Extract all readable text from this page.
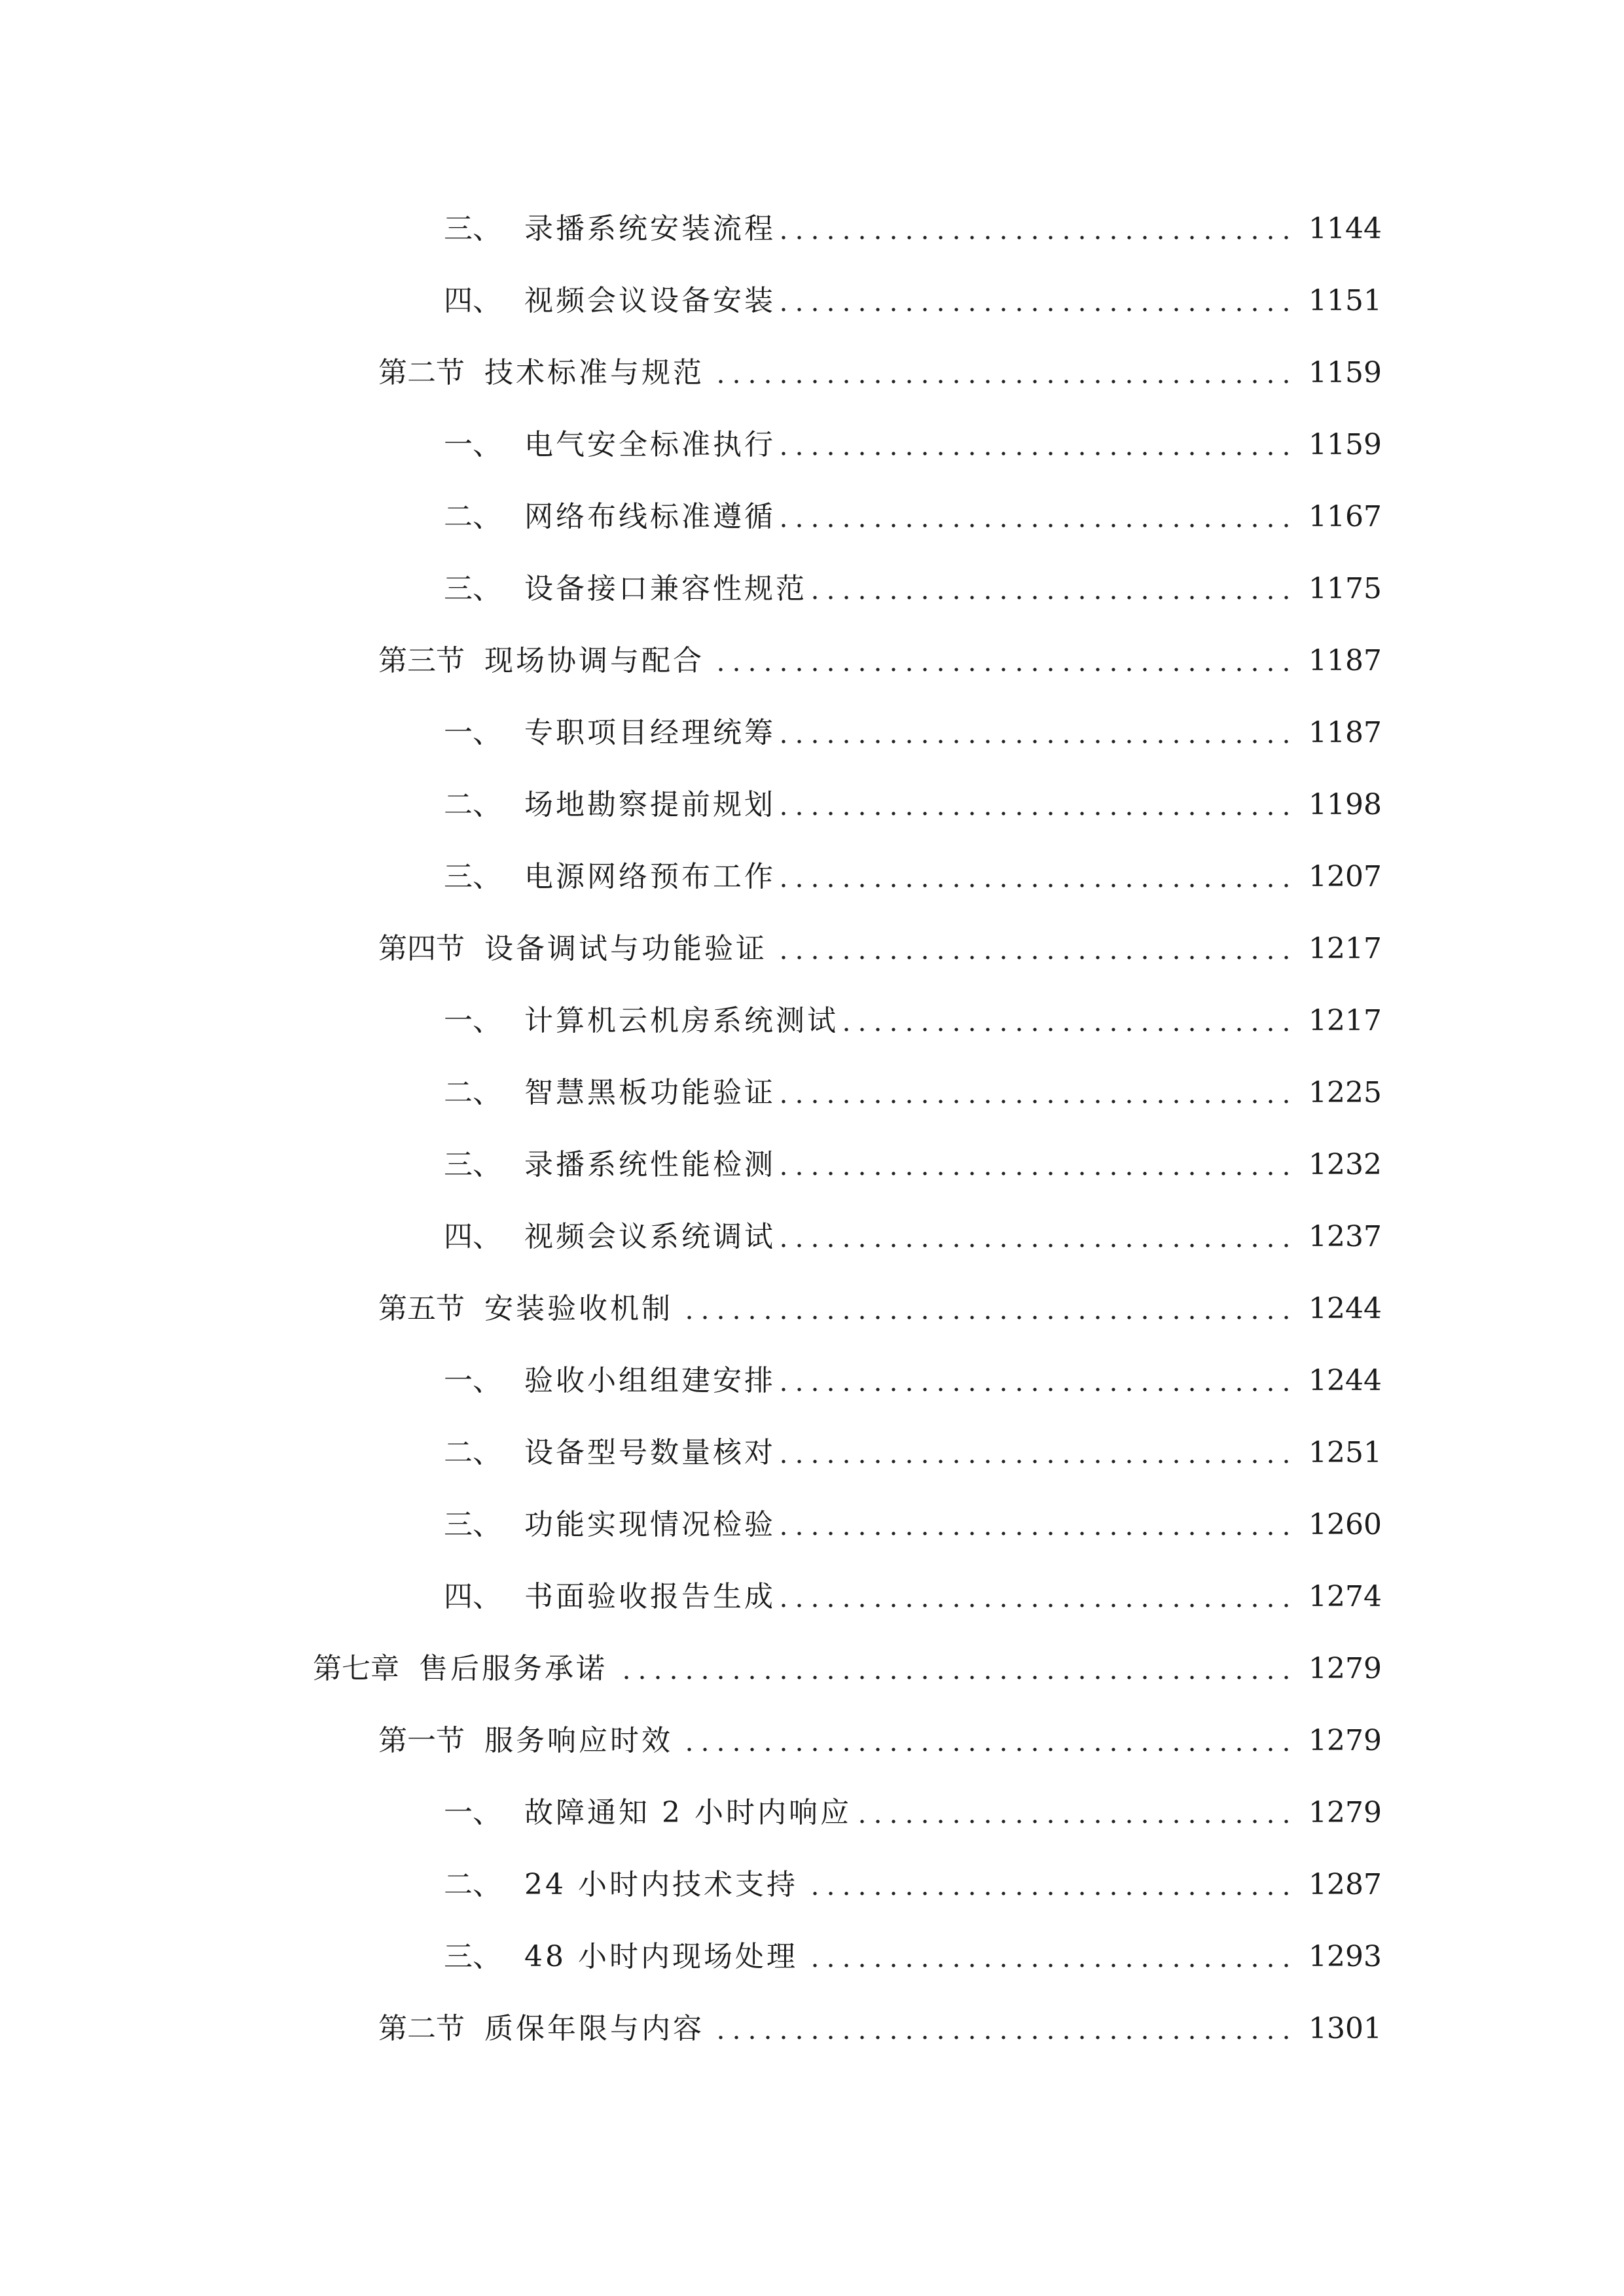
三、 录播系统安装流程	1144
四、 视频会议设备安装	1151
第二节 技术标准与规范	1159
一、 电气安全标准执行	1159
二、 网络布线标准遵循	1167
三、 设备接口兼容性规范	1175
第三节 现场协调与配合	1187
一、 专职项目经理统筹	1187
二、 场地勘察提前规划	1198
三、 电源网络预布工作	1207
第四节 设备调试与功能验证	1217
一、 计算机云机房系统测试	1217
二、 智慧黑板功能验证	1225
三、 录播系统性能检测	1232
四、 视频会议系统调试	1237
第五节 安装验收机制	1244
一、 验收小组组建安排	1244
二、 设备型号数量核对	1251
三、 功能实现情况检验	1260
四、 书面验收报告生成	1274
第七章 售后服务承诺	1279
第一节 服务响应时效	1279
一、 故障通知 2 小时内响应	1279
二、 24 小时内技术支持	1287
三、 48 小时内现场处理	1293
第二节 质保年限与内容	1301
